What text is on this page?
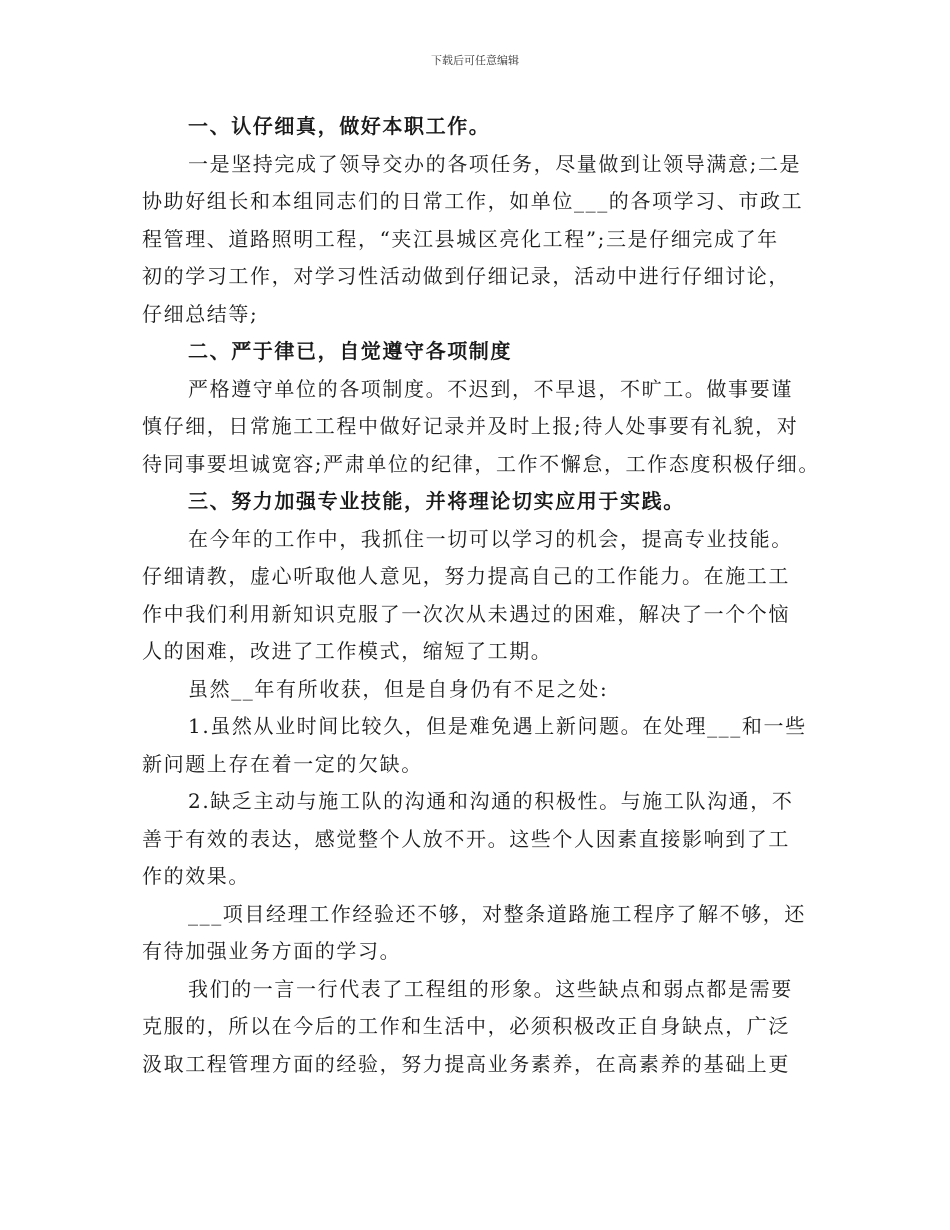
下载后可任意编辑
一、认仔细真，做好本职工作。
一是坚持完成了领导交办的各项任务，尽量做到让领导满意;二是
协助好组长和本组同志们的日常工作，如单位___的各项学习、市政工
程管理、道路照明工程，“夹江县城区亮化工程”;三是仔细完成了年
初的学习工作，对学习性活动做到仔细记录，活动中进行仔细讨论，
仔细总结等;
二、严于律已，自觉遵守各项制度
严格遵守单位的各项制度。不迟到，不早退，不旷工。做事要谨
慎仔细，日常施工工程中做好记录并及时上报;待人处事要有礼貌，对
待同事要坦诚宽容;严肃单位的纪律，工作不懈怠，工作态度积极仔细。
三、努力加强专业技能，并将理论切实应用于实践。
在今年的工作中，我抓住一切可以学习的机会，提高专业技能。
仔细请教，虚心听取他人意见，努力提高自己的工作能力。在施工工
作中我们利用新知识克服了一次次从未遇过的困难，解决了一个个恼
人的困难，改进了工作模式，缩短了工期。
虽然__年有所收获，但是自身仍有不足之处:
1.虽然从业时间比较久，但是难免遇上新问题。在处理___和一些
新问题上存在着一定的欠缺。
2.缺乏主动与施工队的沟通和沟通的积极性。与施工队沟通，不
善于有效的表达，感觉整个人放不开。这些个人因素直接影响到了工
作的效果。
___项目经理工作经验还不够，对整条道路施工程序了解不够，还
有待加强业务方面的学习。
我们的一言一行代表了工程组的形象。这些缺点和弱点都是需要
克服的，所以在今后的工作和生活中，必须积极改正自身缺点，广泛
汲取工程管理方面的经验，努力提高业务素养，在高素养的基础上更
